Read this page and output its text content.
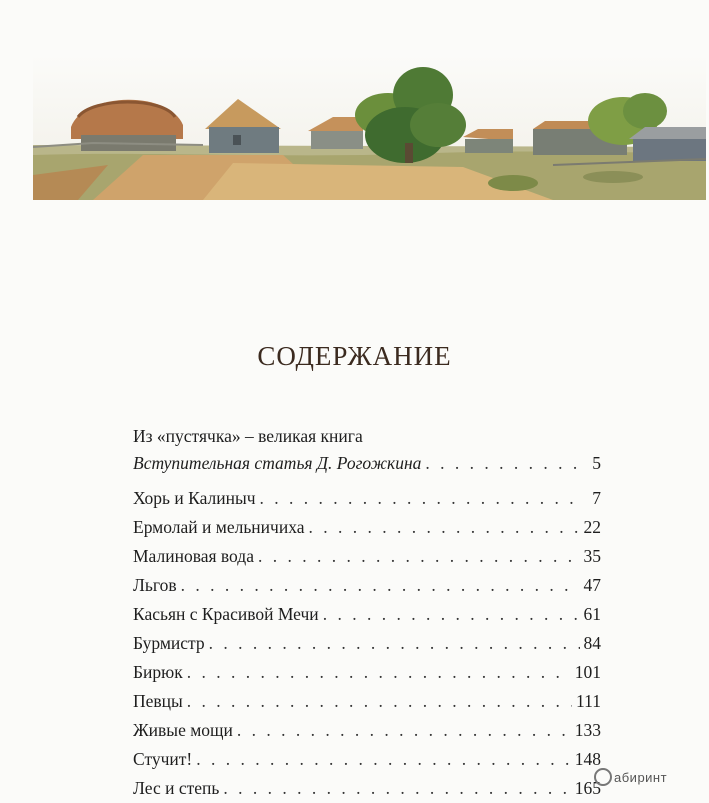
СОДЕРЖАНИЕ
Из «пустячка» – великая книга
Вступительная статья Д. Рогожкина . . .	5
Хорь и Калиныч . . .	7
Ермолай и мельничиха . . .	22
Малиновая вода . . .	35
Льгов . . .	47
Касьян с Красивой Мечи . . .	61
Бурмистр . . .	84
Бирюк . . .	101
Певцы . . .	111
Живые мощи . . .	133
Стучит! . . .	148
Лес и степь . . .	165
абиринт
